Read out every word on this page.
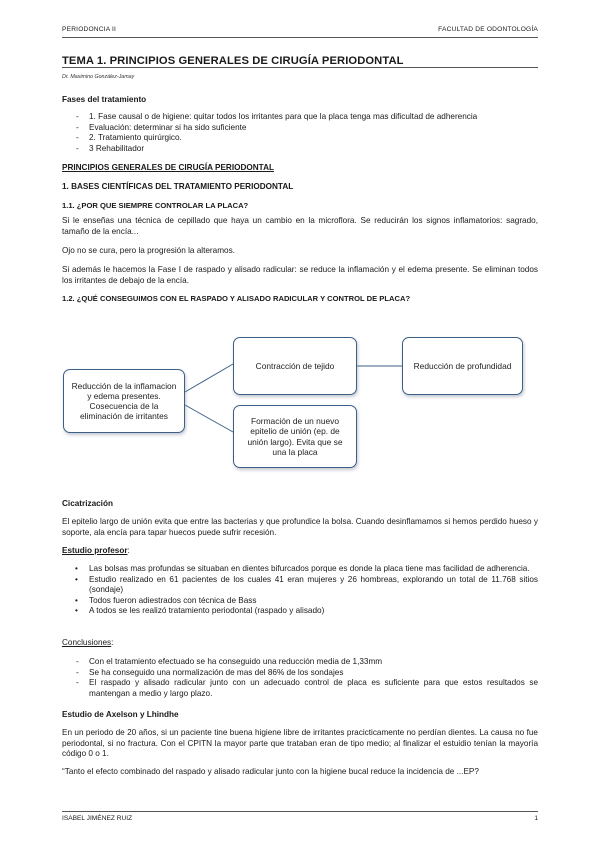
PERIODONCIA II	FACULTAD DE ODONTOLOGÍA
TEMA 1. PRINCIPIOS GENERALES DE CIRUGÍA PERIODONTAL
Dr. Maximino González-Jamay
Fases del tratamiento
- 1. Fase causal o de higiene: quitar todos los irritantes para que la placa tenga mas dificultad de adherencia
- Evaluación: determinar si ha sido suficiente
- 2. Tratamiento quirúrgico.
- 3 Rehabilitador
PRINCIPIOS GENERALES DE CIRUGÍA PERIODONTAL
1. BASES CIENTÍFICAS DEL TRATAMIENTO PERIODONTAL
1.1. ¿POR QUE SIEMPRE CONTROLAR LA PLACA?
Si le enseñas una técnica de cepillado que haya un cambio en la microflora. Se reducirán los signos inflamatorios: sagrado, tamaño de la encía...
Ojo no se cura, pero la progresión la alteramos.
Si además le hacemos la Fase I de raspado y alisado radicular: se reduce la inflamación y el edema presente. Se eliminan todos los irritantes de debajo de la encía.
1.2. ¿QUÉ CONSEGUIMOS CON EL RASPADO Y ALISADO RADICULAR Y CONTROL DE PLACA?
Reducción de la inflamacion y edema presentes. Cosecuencia de la eliminación de irritantes
Contracción de tejido	Reducción de profundidad
Formación de un nuevo epitelio de unión (ep. de unión largo). Evita que se una la placa
Cicatrización
El epitelio largo de unión evita que entre las bacterias y que profundice la bolsa. Cuando desinflamamos si hemos perdido hueso y soporte, ala encía para tapar huecos puede sufrir recesión.
Estudio profesor:
• Las bolsas mas profundas se situaban en dientes bifurcados porque es donde la placa tiene mas facilidad de adherencia.
• Estudio realizado en 61 pacientes de los cuales 41 eran mujeres y 26 hombreas, explorando un total de 11.768 sitios (sondaje)
• Todos fueron adiestrados con técnica de Bass
• A todos se les realizó tratamiento periodontal (raspado y alisado)
Conclusiones:
- Con el tratamiento efectuado se ha conseguido una reducción media de 1,33mm
- Se ha conseguido una normalización de mas del 86% de los sondajes
- El raspado y alisado radicular junto con un adecuado control de placa es suficiente para que estos resultados se mantengan a medio y largo plazo.
Estudio de Axelson y Lhindhe
En un periodo de 20 años, si un paciente tine buena higiene libre de irritantes pracicticamente no perdían dientes. La causa no fue periodontal, si no fractura. Con el CPITN la mayor parte que trataban eran de tipo medio; al finalizar el estuidio tenían la mayoría código 0 o 1.
“Tanto el efecto combinado del raspado y alisado radicular junto con la higiene bucal reduce la incidencia de ...EP?
ISABEL JIMÉNEZ RUIZ	1
